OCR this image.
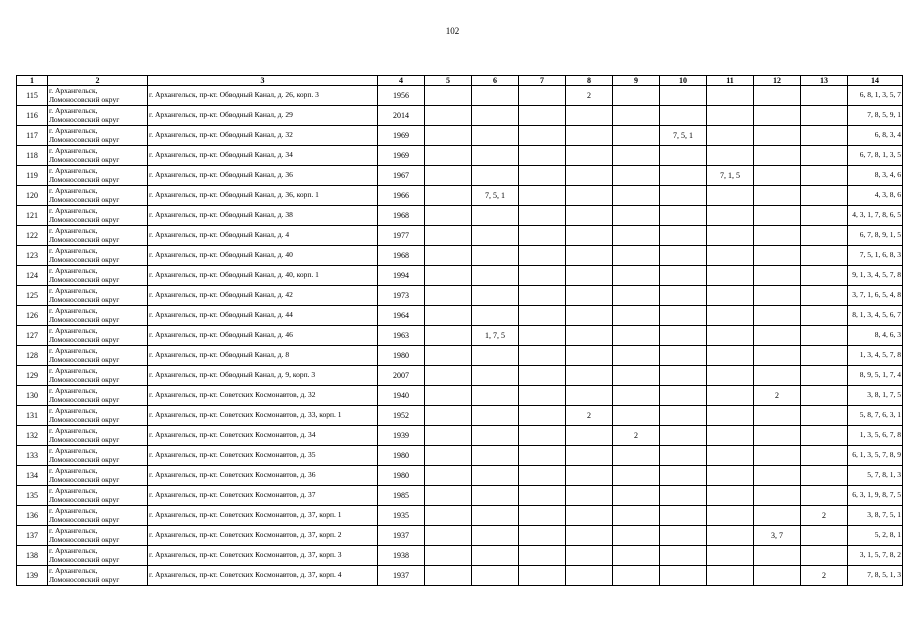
102
1	2	3	4	5	6	7	8	9	10	11	12	13	14
115	г. Архангельск, Ломоносовский округ	г. Архангельск, пр-кт. Обводный Канал, д. 26, корп. 3	1956				2						6, 8, 1, 3, 5, 7
116	г. Архангельск, Ломоносовский округ	г. Архангельск, пр-кт. Обводный Канал, д. 29	2014										7, 8, 5, 9, 1
117	г. Архангельск, Ломоносовский округ	г. Архангельск, пр-кт. Обводный Канал, д. 32	1969						7, 5, 1				6, 8, 3, 4
118	г. Архангельск, Ломоносовский округ	г. Архангельск, пр-кт. Обводный Канал, д. 34	1969										6, 7, 8, 1, 3, 5
119	г. Архангельск, Ломоносовский округ	г. Архангельск, пр-кт. Обводный Канал, д. 36	1967							7, 1, 5			8, 3, 4, 6
120	г. Архангельск, Ломоносовский округ	г. Архангельск, пр-кт. Обводный Канал, д. 36, корп. 1	1966		7, 5, 1								4, 3, 8, 6
121	г. Архангельск, Ломоносовский округ	г. Архангельск, пр-кт. Обводный Канал, д. 38	1968										4, 3, 1, 7, 8, 6, 5
122	г. Архангельск, Ломоносовский округ	г. Архангельск, пр-кт. Обводный Канал, д. 4	1977										6, 7, 8, 9, 1, 5
123	г. Архангельск, Ломоносовский округ	г. Архангельск, пр-кт. Обводный Канал, д. 40	1968										7, 5, 1, 6, 8, 3
124	г. Архангельск, Ломоносовский округ	г. Архангельск, пр-кт. Обводный Канал, д. 40, корп. 1	1994										9, 1, 3, 4, 5, 7, 8
125	г. Архангельск, Ломоносовский округ	г. Архангельск, пр-кт. Обводный Канал, д. 42	1973										3, 7, 1, 6, 5, 4, 8
126	г. Архангельск, Ломоносовский округ	г. Архангельск, пр-кт. Обводный Канал, д. 44	1964										8, 1, 3, 4, 5, 6, 7
127	г. Архангельск, Ломоносовский округ	г. Архангельск, пр-кт. Обводный Канал, д. 46	1963		1, 7, 5								8, 4, 6, 3
128	г. Архангельск, Ломоносовский округ	г. Архангельск, пр-кт. Обводный Канал, д. 8	1980										1, 3, 4, 5, 7, 8
129	г. Архангельск, Ломоносовский округ	г. Архангельск, пр-кт. Обводный Канал, д. 9, корп. 3	2007										8, 9, 5, 1, 7, 4
130	г. Архангельск, Ломоносовский округ	г. Архангельск, пр-кт. Советских Космонавтов, д. 32	1940								2		3, 8, 1, 7, 5
131	г. Архангельск, Ломоносовский округ	г. Архангельск, пр-кт. Советских Космонавтов, д. 33, корп. 1	1952				2						5, 8, 7, 6, 3, 1
132	г. Архангельск, Ломоносовский округ	г. Архангельск, пр-кт. Советских Космонавтов, д. 34	1939					2					1, 3, 5, 6, 7, 8
133	г. Архангельск, Ломоносовский округ	г. Архангельск, пр-кт. Советских Космонавтов, д. 35	1980										6, 1, 3, 5, 7, 8, 9
134	г. Архангельск, Ломоносовский округ	г. Архангельск, пр-кт. Советских Космонавтов, д. 36	1980										5, 7, 8, 1, 3
135	г. Архангельск, Ломоносовский округ	г. Архангельск, пр-кт. Советских Космонавтов, д. 37	1985										6, 3, 1, 9, 8, 7, 5
136	г. Архангельск, Ломоносовский округ	г. Архангельск, пр-кт. Советских Космонавтов, д. 37, корп. 1	1935									2	3, 8, 7, 5, 1
137	г. Архангельск, Ломоносовский округ	г. Архангельск, пр-кт. Советских Космонавтов, д. 37, корп. 2	1937								3, 7		5, 2, 8, 1
138	г. Архангельск, Ломоносовский округ	г. Архангельск, пр-кт. Советских Космонавтов, д. 37, корп. 3	1938										3, 1, 5, 7, 8, 2
139	г. Архангельск, Ломоносовский округ	г. Архангельск, пр-кт. Советских Космонавтов, д. 37, корп. 4	1937									2	7, 8, 5, 1, 3
